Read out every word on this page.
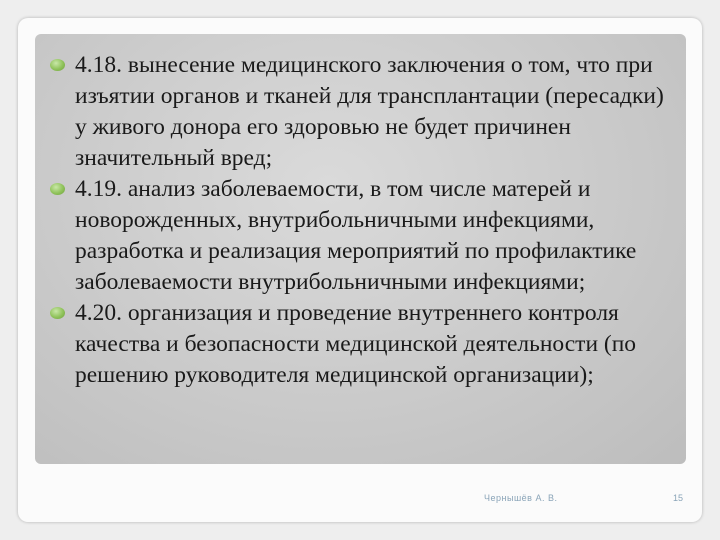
4.18. вынесение медицинского заключения о том, что при изъятии органов и тканей для трансплантации (пересадки) у живого донора его здоровью не будет причинен значительный вред;
4.19. анализ заболеваемости, в том числе матерей и новорожденных, внутрибольничными инфекциями, разработка и реализация мероприятий по профилактике заболеваемости внутрибольничными инфекциями;
4.20. организация и проведение внутреннего контроля качества и безопасности медицинской деятельности (по решению руководителя медицинской организации);
Чернышёв А. В.	15
